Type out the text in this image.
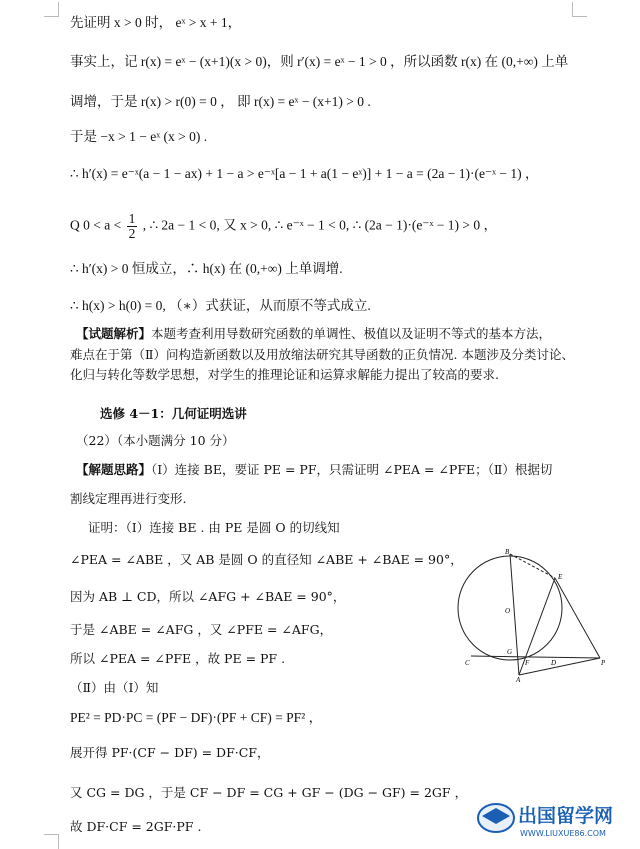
先证明 x > 0 时， eˣ > x + 1，
事实上，记 r(x) = eˣ − (x+1)(x > 0)，则 r′(x) = eˣ − 1 > 0 ，所以函数 r(x) 在 (0,+∞) 上单
调增，于是 r(x) > r(0) = 0 ， 即 r(x) = eˣ − (x+1) > 0 .
于是 −x > 1 − eˣ (x > 0) .
∴ h′(x) = e⁻ˣ(a − 1 − ax) + 1 − a > e⁻ˣ[a − 1 + a(1 − eˣ)] + 1 − a = (2a − 1)·(e⁻ˣ − 1) ，
Q $0 < a < \frac{1}{2}$ , ∴ 2a − 1 < 0, 又 x > 0, ∴ e⁻ˣ − 1 < 0, ∴ (2a − 1)·(e⁻ˣ − 1) > 0 ，
∴ h′(x) > 0 恒成立，∴ h(x) 在 (0,+∞) 上单调增.
∴ h(x) > h(0) = 0, （∗）式获证，从而原不等式成立.
【试题解析】本题考查利用导数研究函数的单调性、极值以及证明不等式的基本方法，
难点在于第（Ⅱ）问构造新函数以及用放缩法研究其导函数的正负情况. 本题涉及分类讨论、
化归与转化等数学思想，对学生的推理论证和运算求解能力提出了较高的要求.
选修 4－1：几何证明选讲
（22）（本小题满分 10 分）
【解题思路】（Ⅰ）连接 BE，要证 PE = PF，只需证明 ∠PEA = ∠PFE；（Ⅱ）根据切
割线定理再进行变形.
证明：（Ⅰ）连接 BE . 由 PE 是圆 O 的切线知
∠PEA = ∠ABE ，又 AB 是圆 O 的直径知 ∠ABE + ∠BAE = 90°，
因为 AB ⊥ CD，所以 ∠AFG + ∠BAE = 90°，
于是 ∠ABE = ∠AFG ，又 ∠PFE = ∠AFG，
所以 ∠PEA = ∠PFE ，故 PE = PF .
（Ⅱ）由（Ⅰ）知
PE² = PD·PC = (PF − DF)·(PF + CF) = PF² ，
展开得 PF·(CF − DF) = DF·CF，
又 CG = DG ，于是 CF − DF = CG + GF − (DG − GF) = 2GF ，
故 DF·CF = 2GF·PF .
B
E
O
G
C	F	D	P
A
出国留学网
WWW.LIUXUE86.COM
